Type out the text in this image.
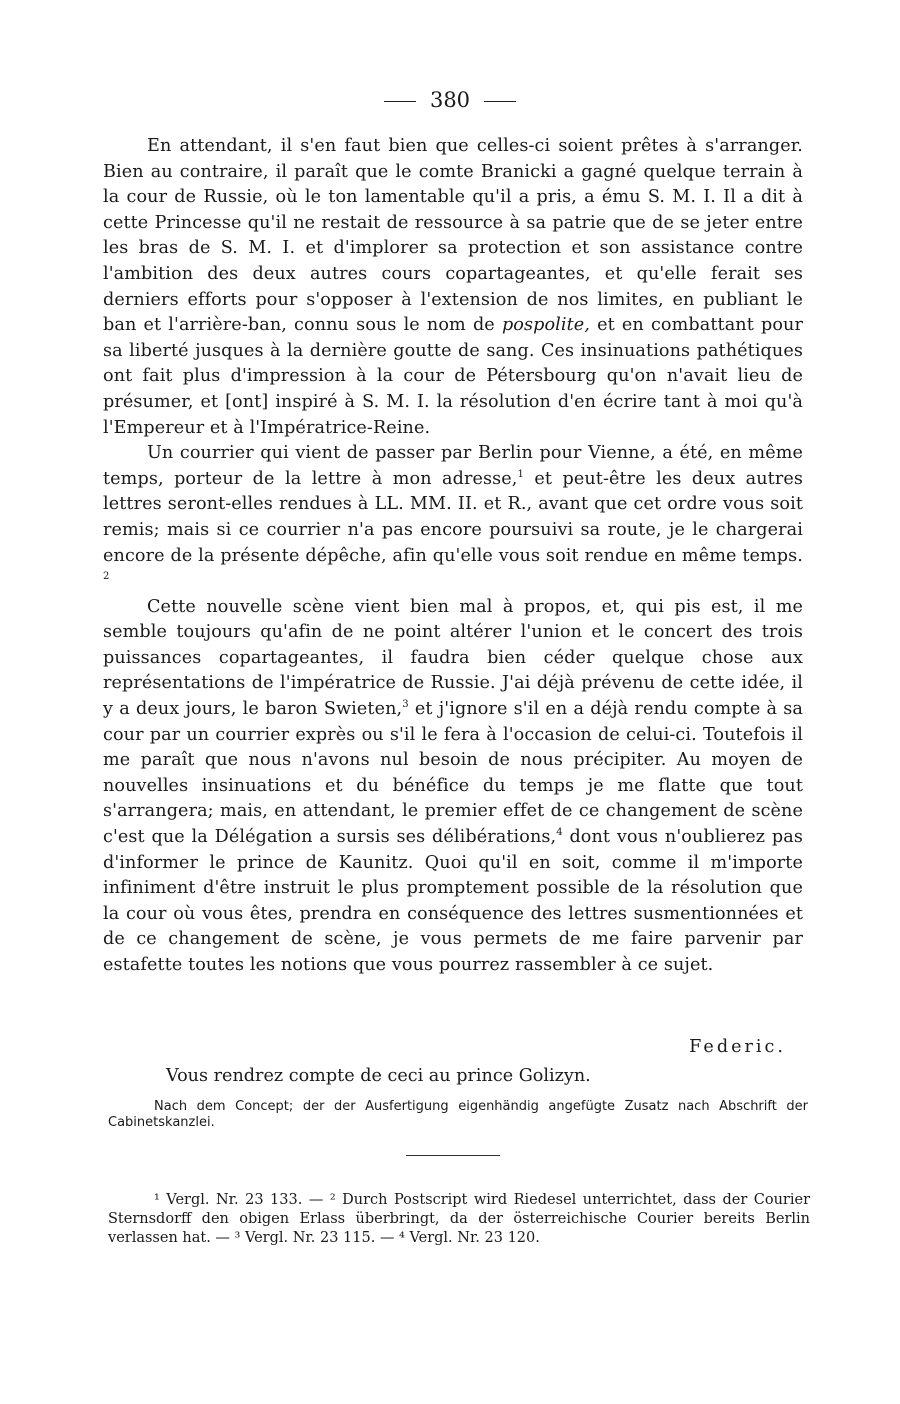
380

En attendant, il s'en faut bien que celles-ci soient prêtes à s'arranger. Bien au contraire, il paraît que le comte Branicki a gagné quelque terrain à la cour de Russie, où le ton lamentable qu'il a pris, a ému S. M. I. Il a dit à cette Princesse qu'il ne restait de ressource à sa patrie que de se jeter entre les bras de S. M. I. et d'implorer sa protection et son assistance contre l'ambition des deux autres cours copartageantes, et qu'elle ferait ses derniers efforts pour s'opposer à l'extension de nos limites, en publiant le ban et l'arrière-ban, connu sous le nom de pospolite, et en combattant pour sa liberté jusques à la dernière goutte de sang. Ces insinuations pathétiques ont fait plus d'impression à la cour de Pétersbourg qu'on n'avait lieu de présumer, et [ont] inspiré à S. M. I. la résolution d'en écrire tant à moi qu'à l'Empereur et à l'Impératrice-Reine.

Un courrier qui vient de passer par Berlin pour Vienne, a été, en même temps, porteur de la lettre à mon adresse,$^1$ et peut-être les deux autres lettres seront-elles rendues à LL. MM. II. et R., avant que cet ordre vous soit remis; mais si ce courrier n'a pas encore poursuivi sa route, je le chargerai encore de la présente dépêche, afin qu'elle vous soit rendue en même temps. $^2$

Cette nouvelle scène vient bien mal à propos, et, qui pis est, il me semble toujours qu'afin de ne point altérer l'union et le concert des trois puissances copartageantes, il faudra bien céder quelque chose aux représentations de l'impératrice de Russie. J'ai déjà prévenu de cette idée, il y a deux jours, le baron Swieten,$^3$ et j'ignore s'il en a déjà rendu compte à sa cour par un courrier exprès ou s'il le fera à l'occasion de celui-ci. Toutefois il me paraît que nous n'avons nul besoin de nous précipiter. Au moyen de nouvelles insinuations et du bénéfice du temps je me flatte que tout s'arrangera; mais, en attendant, le premier effet de ce changement de scène c'est que la Délégation a sursis ses délibérations,$^4$ dont vous n'oublierez pas d'informer le prince de Kaunitz. Quoi qu'il en soit, comme il m'importe infiniment d'être instruit le plus promptement possible de la résolution que la cour où vous êtes, prendra en conséquence des lettres susmentionnées et de ce changement de scène, je vous permets de me faire parvenir par estafette toutes les notions que vous pourrez rassembler à ce sujet.

Federic.
Vous rendrez compte de ceci au prince Golizyn.
Nach dem Concept; der der Ausfertigung eigenhändig angefügte Zusatz nach Abschrift der Cabinetskanzlei.

¹ Vergl. Nr. 23 133. — ² Durch Postscript wird Riedesel unterrichtet, dass der Courier Sternsdorff den obigen Erlass überbringt, da der österreichische Courier bereits Berlin verlassen hat. — ³ Vergl. Nr. 23 115. — ⁴ Vergl. Nr. 23 120.
